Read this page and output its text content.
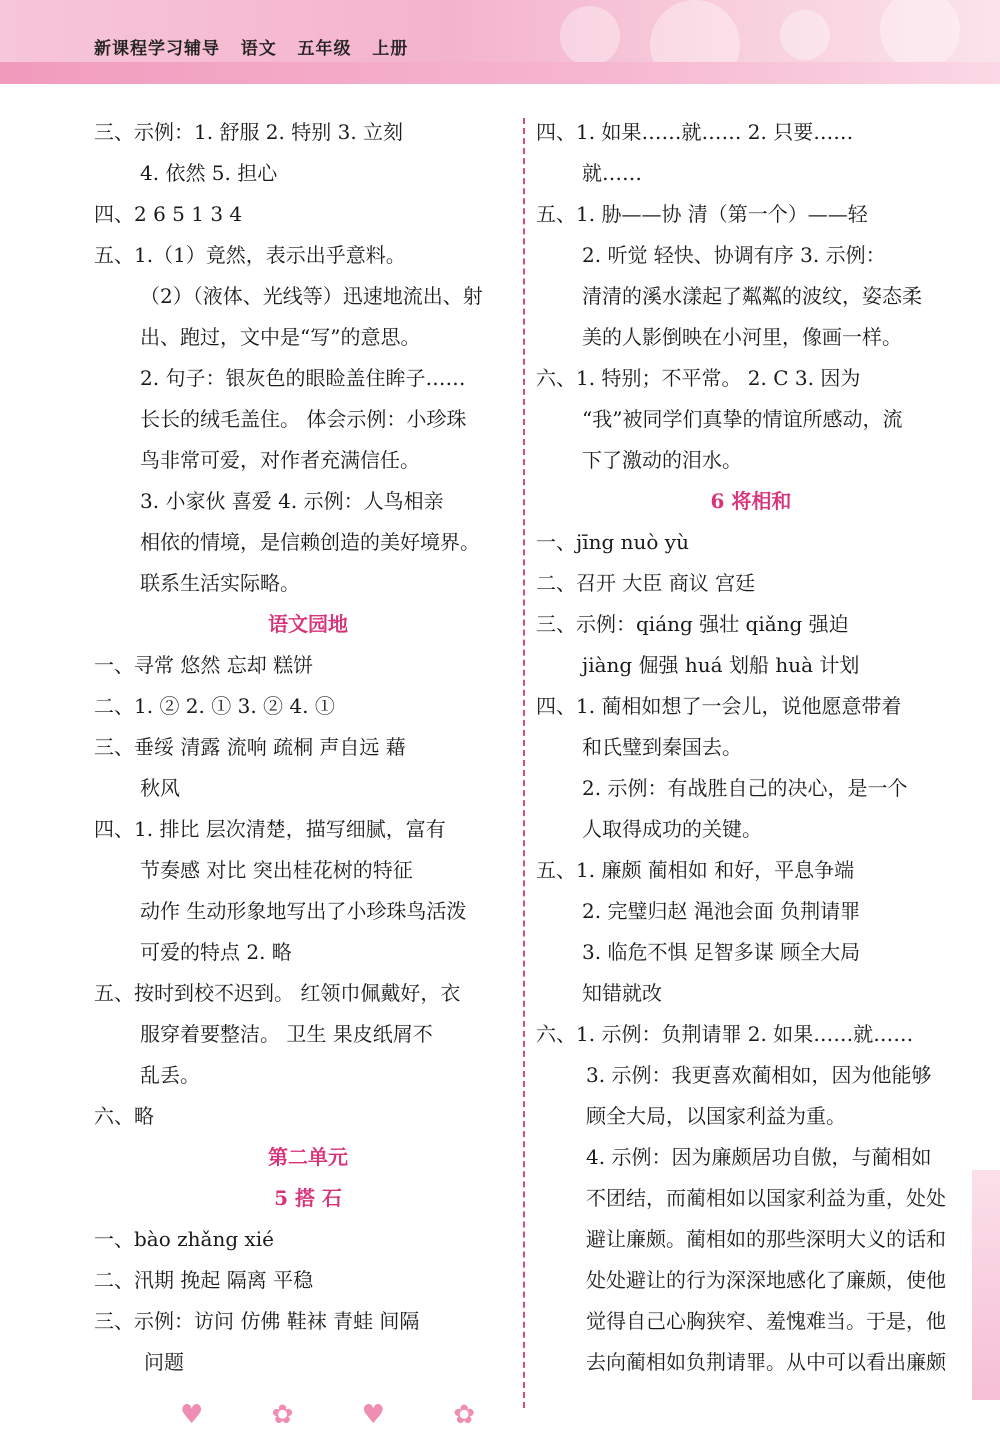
新课程学习辅导   语文   五年级   上册
三、示例：1. 舒服 2. 特别 3. 立刻
4. 依然 5. 担心
四、2 6 5 1 3 4
五、1.（1）竟然，表示出乎意料。
（2）（液体、光线等）迅速地流出、射
出、跑过，文中是“写”的意思。
2. 句子：银灰色的眼睑盖住眸子……
长长的绒毛盖住。 体会示例：小珍珠
鸟非常可爱，对作者充满信任。
3. 小家伙 喜爱 4. 示例：人鸟相亲
相依的情境，是信赖创造的美好境界。
联系生活实际略。
语文园地
一、寻常 悠然 忘却 糕饼
二、1. ② 2. ① 3. ② 4. ①
三、垂绥 清露 流响 疏桐 声自远 藉
秋风
四、1. 排比 层次清楚，描写细腻，富有
节奏感 对比 突出桂花树的特征
动作 生动形象地写出了小珍珠鸟活泼
可爱的特点 2. 略
五、按时到校不迟到。 红领巾佩戴好，衣
服穿着要整洁。 卫生 果皮纸屑不
乱丢。
六、略
第二单元
5 搭 石
一、bào zhǎng xié
二、汛期 挽起 隔离 平稳
三、示例：访问 仿佛 鞋袜 青蛙 间隔
问题
四、1. 如果……就…… 2. 只要……
就……
五、1. 胁——协 清（第一个）——轻
2. 听觉 轻快、协调有序 3. 示例：
清清的溪水漾起了粼粼的波纹，姿态柔
美的人影倒映在小河里，像画一样。
六、1. 特别；不平常。 2. C 3. 因为
“我”被同学们真挚的情谊所感动，流
下了激动的泪水。
6 将相和
一、jīng nuò yù
二、召开 大臣 商议 宫廷
三、示例：qiáng 强壮 qiǎng 强迫
jiàng 倔强 huá 划船 huà 计划
四、1. 蔺相如想了一会儿，说他愿意带着
和氏璧到秦国去。
2. 示例：有战胜自己的决心，是一个
人取得成功的关键。
五、1. 廉颇 蔺相如 和好，平息争端
2. 完璧归赵 渑池会面 负荆请罪
3. 临危不惧 足智多谋 顾全大局
知错就改
六、1. 示例：负荆请罪 2. 如果……就……
3. 示例：我更喜欢蔺相如，因为他能够
顾全大局，以国家利益为重。
4. 示例：因为廉颇居功自傲，与蔺相如
不团结，而蔺相如以国家利益为重，处处
避让廉颇。蔺相如的那些深明大义的话和
处处避让的行为深深地感化了廉颇，使他
觉得自己心胸狭窄、羞愧难当。于是，他
去向蔺相如负荆请罪。从中可以看出廉颇
♥ ✿ ♥ ✿
